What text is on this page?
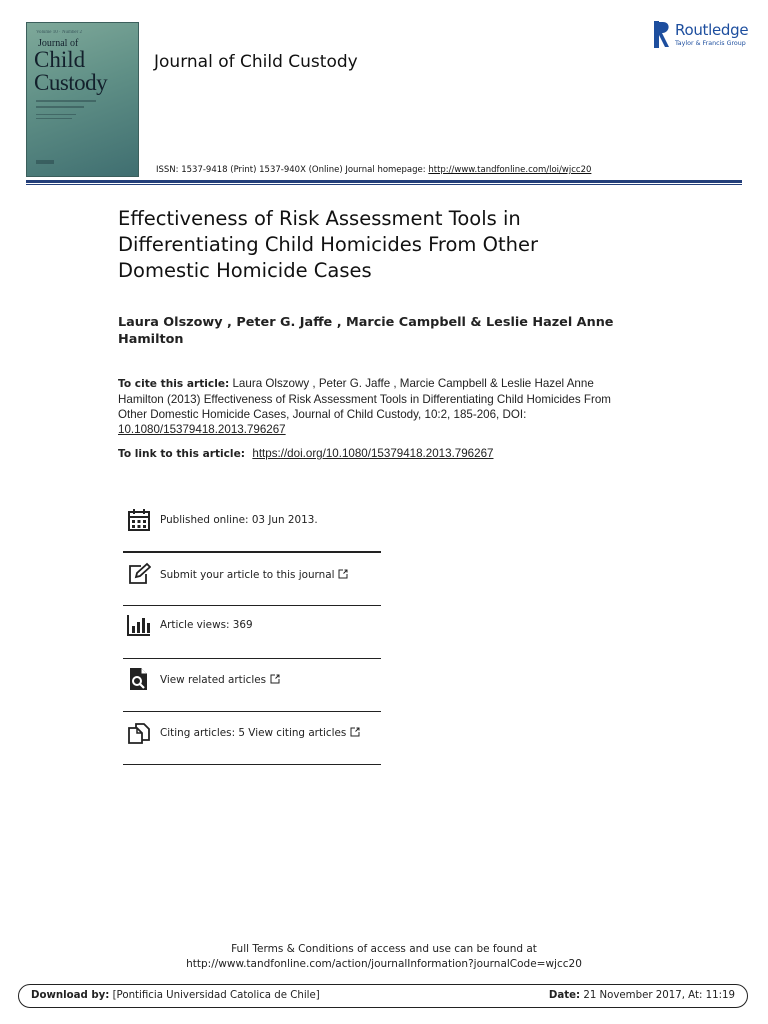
Volume 10 · Number 2
Journal of
Child
Custody
Journal of Child Custody
ISSN: 1537-9418 (Print) 1537-940X (Online) Journal homepage: http://www.tandfonline.com/loi/wjcc20
Routledge
Taylor & Francis Group
Effectiveness of Risk Assessment Tools in Differentiating Child Homicides From Other Domestic Homicide Cases
Laura Olszowy , Peter G. Jaffe , Marcie Campbell & Leslie Hazel Anne Hamilton
To cite this article: Laura Olszowy , Peter G. Jaffe , Marcie Campbell & Leslie Hazel Anne Hamilton (2013) Effectiveness of Risk Assessment Tools in Differentiating Child Homicides From Other Domestic Homicide Cases, Journal of Child Custody, 10:2, 185-206, DOI: 10.1080/15379418.2013.796267
To link to this article: https://doi.org/10.1080/15379418.2013.796267
Published online: 03 Jun 2013.
Submit your article to this journal
Article views: 369
View related articles
Citing articles: 5 View citing articles
Full Terms & Conditions of access and use can be found at
http://www.tandfonline.com/action/journalInformation?journalCode=wjcc20
Download by: [Pontificia Universidad Catolica de Chile]	Date: 21 November 2017, At: 11:19
